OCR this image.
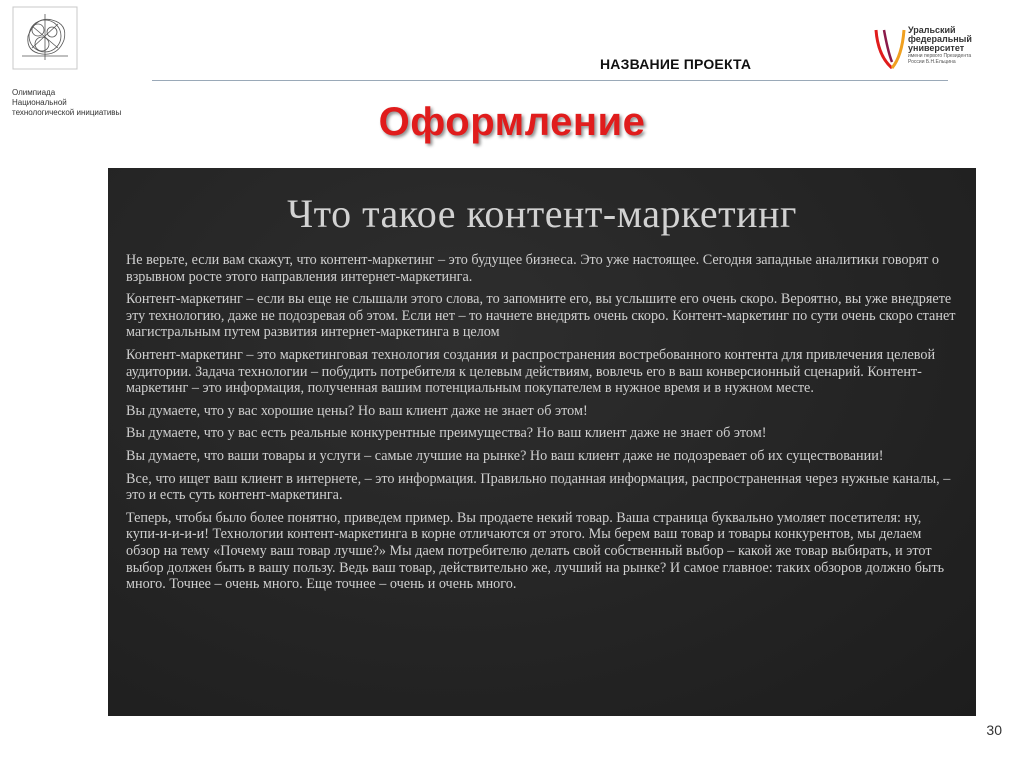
Олимпиада
Национальной
технологической инициативы
НАЗВАНИЕ ПРОЕКТА
Уральский
федеральный
университет
имени первого Президента
России Б.Н.Ельцина
Оформление
Что такое контент-маркетинг

Не верьте, если вам скажут, что контент-маркетинг – это будущее бизнеса. Это уже настоящее. Сегодня западные аналитики говорят о взрывном росте этого направления интернет-маркетинга.

Контент-маркетинг – если вы еще не слышали этого слова, то запомните его, вы услышите его очень скоро. Вероятно, вы уже внедряете эту технологию, даже не подозревая об этом. Если нет – то начнете внедрять очень скоро. Контент-маркетинг по сути очень скоро станет магистральным путем развития интернет-маркетинга в целом

Контент-маркетинг – это маркетинговая технология создания и распространения востребованного контента для привлечения целевой аудитории. Задача технологии – побудить потребителя к целевым действиям, вовлечь его в ваш конверсионный сценарий. Контент-маркетинг – это информация, полученная вашим потенциальным покупателем в нужное время и в нужном месте.

Вы думаете, что у вас хорошие цены? Но ваш клиент даже не знает об этом!

Вы думаете, что у вас есть реальные конкурентные преимущества? Но ваш клиент даже не знает об этом!

Вы думаете, что ваши товары и услуги – самые лучшие на рынке? Но ваш клиент даже не подозревает об их существовании!

Все, что ищет ваш клиент в интернете, – это информация. Правильно поданная информация, распространенная через нужные каналы, – это и есть суть контент-маркетинга.

Теперь, чтобы было более понятно, приведем пример. Вы продаете некий товар. Ваша страница буквально умоляет посетителя: ну, купи-и-и-и-и! Технологии контент-маркетинга в корне отличаются от этого. Мы берем ваш товар и товары конкурентов, мы делаем обзор на тему «Почему ваш товар лучше?» Мы даем потребителю делать свой собственный выбор – какой же товар выбирать, и этот выбор должен быть в вашу пользу. Ведь ваш товар, действительно же, лучший на рынке? И самое главное: таких обзоров должно быть много. Точнее – очень много. Еще точнее – очень и очень много.

30
